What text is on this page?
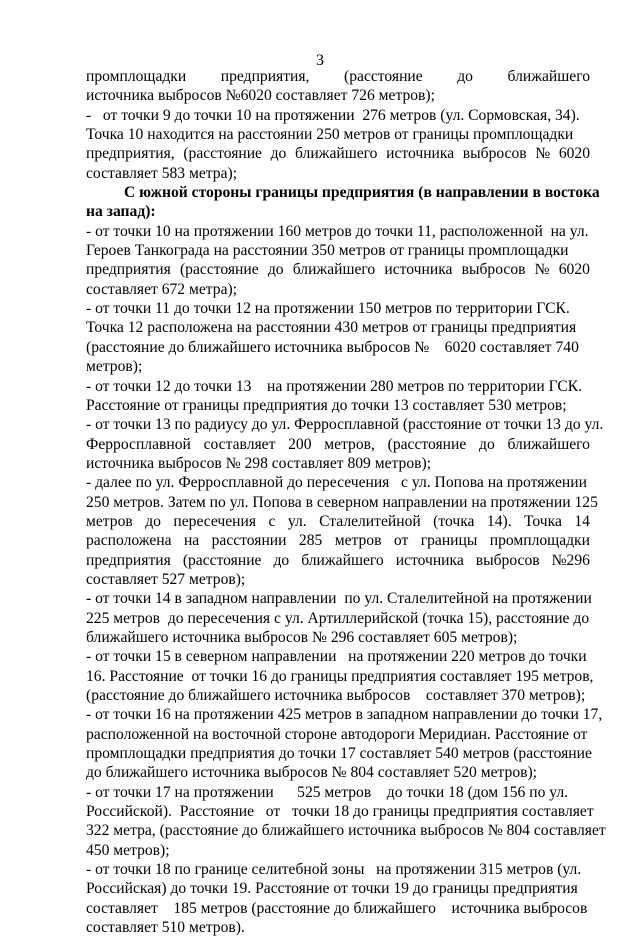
3
промплощадки предприятия, (расстояние до ближайшего
источника выбросов №6020 составляет 726 метров);
-   от точки 9 до точки 10 на протяжении  276 метров (ул. Сормовская, 34).
Точка 10 находится на расстоянии 250 метров от границы промплощадки
предприятия, (расстояние до ближайшего источника выбросов № 6020
составляет 583 метра);
С южной стороны границы предприятия (в направлении в востока
на запад):
- от точки 10 на протяжении 160 метров до точки 11, расположенной  на ул.
Героев Танкограда на расстоянии 350 метров от границы промплощадки
предприятия (расстояние до ближайшего источника выбросов № 6020
составляет 672 метра);
- от точки 11 до точки 12 на протяжении 150 метров по территории ГСК.
Точка 12 расположена на расстоянии 430 метров от границы предприятия
(расстояние до ближайшего источника выбросов №    6020 составляет 740
метров);
- от точки 12 до точки 13    на протяжении 280 метров по территории ГСК.
Расстояние от границы предприятия до точки 13 составляет 530 метров;
- от точки 13 по радиусу до ул. Ферросплавной (расстояние от точки 13 до ул.
Ферросплавной составляет 200 метров, (расстояние до ближайшего
источника выбросов № 298 составляет 809 метров);
- далее по ул. Ферросплавной до пересечения   с ул. Попова на протяжении
250 метров. Затем по ул. Попова в северном направлении на протяжении 125
метров до пересечения с ул. Сталелитейной (точка 14). Точка 14
расположена на расстоянии 285 метров от границы промплощадки
предприятия (расстояние до ближайшего источника выбросов №296
составляет 527 метров);
- от точки 14 в западном направлении  по ул. Сталелитейной на протяжении
225 метров  до пересечения с ул. Артиллерийской (точка 15), расстояние до
ближайшего источника выбросов № 296 составляет 605 метров);
- от точки 15 в северном направлении   на протяжении 220 метров до точки
16. Расстояние  от точки 16 до границы предприятия составляет 195 метров,
(расстояние до ближайшего источника выбросов    составляет 370 метров);
- от точки 16 на протяжении 425 метров в западном направлении до точки 17,
расположенной на восточной стороне автодороги Меридиан. Расстояние от
промплощадки предприятия до точки 17 составляет 540 метров (расстояние
до ближайшего источника выбросов № 804 составляет 520 метров);
- от точки 17 на протяжении      525 метров    до точки 18 (дом 156 по ул.
Российской).  Расстояние   от   точки 18 до границы предприятия составляет
322 метра, (расстояние до ближайшего источника выбросов № 804 составляет
450 метров);
- от точки 18 по границе селитебной зоны   на протяжении 315 метров (ул.
Российская) до точки 19. Расстояние от точки 19 до границы предприятия
составляет    185 метров (расстояние до ближайшего    источника выбросов
составляет 510 метров).
